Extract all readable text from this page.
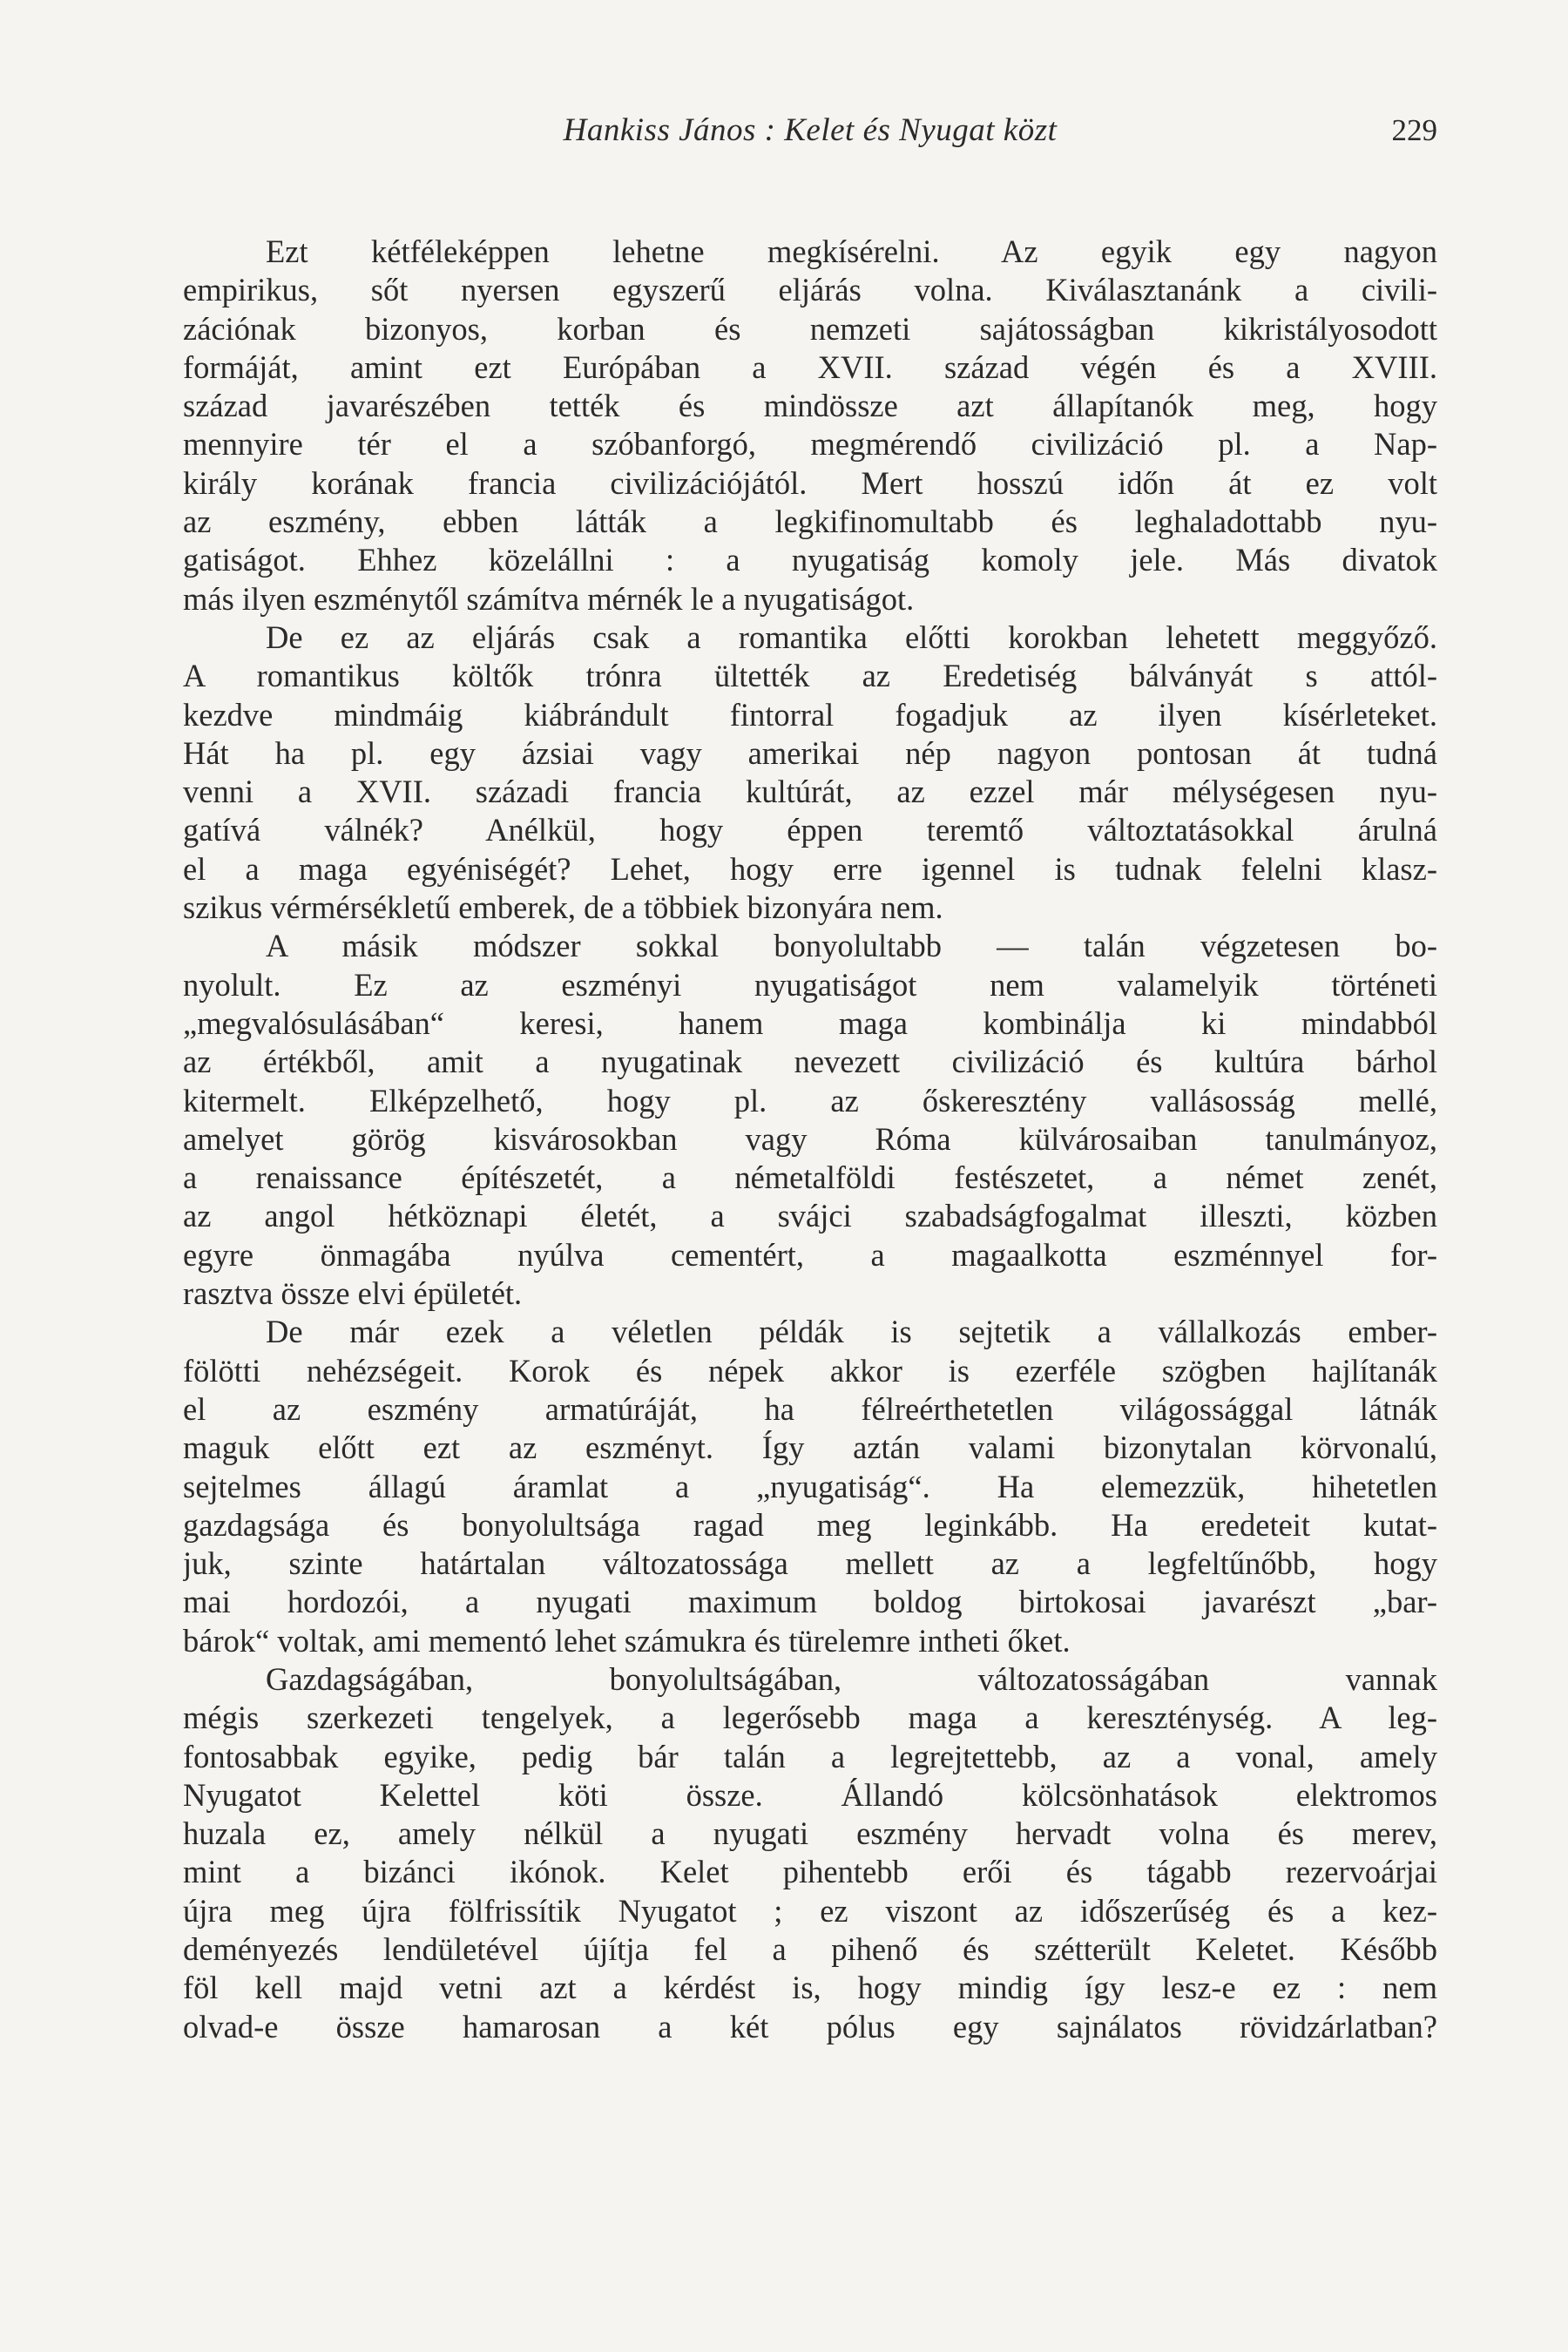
Hankiss János : Kelet és Nyugat közt	229
Ezt kétféleképpen lehetne megkísérelni. Az egyik egy nagyon
empirikus, sőt nyersen egyszerű eljárás volna. Kiválasztanánk a civili-
zációnak bizonyos, korban és nemzeti sajátosságban kikristályosodott
formáját, amint ezt Európában a XVII. század végén és a XVIII.
század javarészében tették és mindössze azt állapítanók meg, hogy
mennyire tér el a szóbanforgó, megmérendő civilizáció pl. a Nap-
király korának francia civilizációjától. Mert hosszú időn át ez volt
az eszmény, ebben látták a legkifinomultabb és leghaladottabb nyu-
gatiságot. Ehhez közelállni : a nyugatiság komoly jele. Más divatok
más ilyen eszménytől számítva mérnék le a nyugatiságot.
De ez az eljárás csak a romantika előtti korokban lehetett meggyőző.
A romantikus költők trónra ültették az Eredetiség bálványát s attól-
kezdve mindmáig kiábrándult fintorral fogadjuk az ilyen kísérleteket.
Hát ha pl. egy ázsiai vagy amerikai nép nagyon pontosan át tudná
venni a XVII. századi francia kultúrát, az ezzel már mélységesen nyu-
gatívá válnék? Anélkül, hogy éppen teremtő változtatásokkal árulná
el a maga egyéniségét? Lehet, hogy erre igennel is tudnak felelni klasz-
szikus vérmérsékletű emberek, de a többiek bizonyára nem.
A másik módszer sokkal bonyolultabb — talán végzetesen bo-
nyolult. Ez az eszményi nyugatiságot nem valamelyik történeti
„megvalósulásában“ keresi, hanem maga kombinálja ki mindabból
az értékből, amit a nyugatinak nevezett civilizáció és kultúra bárhol
kitermelt. Elképzelhető, hogy pl. az őskeresztény vallásosság mellé,
amelyet görög kisvárosokban vagy Róma külvárosaiban tanulmányoz,
a renaissance építészetét, a németalföldi festészetet, a német zenét,
az angol hétköznapi életét, a svájci szabadságfogalmat illeszti, közben
egyre önmagába nyúlva cementért, a magaalkotta eszménnyel for-
rasztva össze elvi épületét.
De már ezek a véletlen példák is sejtetik a vállalkozás ember-
fölötti nehézségeit. Korok és népek akkor is ezerféle szögben hajlítanák
el az eszmény armatúráját, ha félreérthetetlen világossággal látnák
maguk előtt ezt az eszményt. Így aztán valami bizonytalan körvonalú,
sejtelmes állagú áramlat a „nyugatiság“. Ha elemezzük, hihetetlen
gazdagsága és bonyolultsága ragad meg leginkább. Ha eredeteit kutat-
juk, szinte határtalan változatossága mellett az a legfeltűnőbb, hogy
mai hordozói, a nyugati maximum boldog birtokosai javarészt „bar-
bárok“ voltak, ami mementó lehet számukra és türelemre intheti őket.
Gazdagságában, bonyolultságában, változatosságában vannak
mégis szerkezeti tengelyek, a legerősebb maga a kereszténység. A leg-
fontosabbak egyike, pedig bár talán a legrejtettebb, az a vonal, amely
Nyugatot Kelettel köti össze. Állandó kölcsönhatások elektromos
huzala ez, amely nélkül a nyugati eszmény hervadt volna és merev,
mint a bizánci ikónok. Kelet pihentebb erői és tágabb rezervoárjai
újra meg újra fölfrissítik Nyugatot ; ez viszont az időszerűség és a kez-
deményezés lendületével újítja fel a pihenő és szétterült Keletet. Később
föl kell majd vetni azt a kérdést is, hogy mindig így lesz-e ez : nem
olvad-e össze hamarosan a két pólus egy sajnálatos rövidzárlatban?
